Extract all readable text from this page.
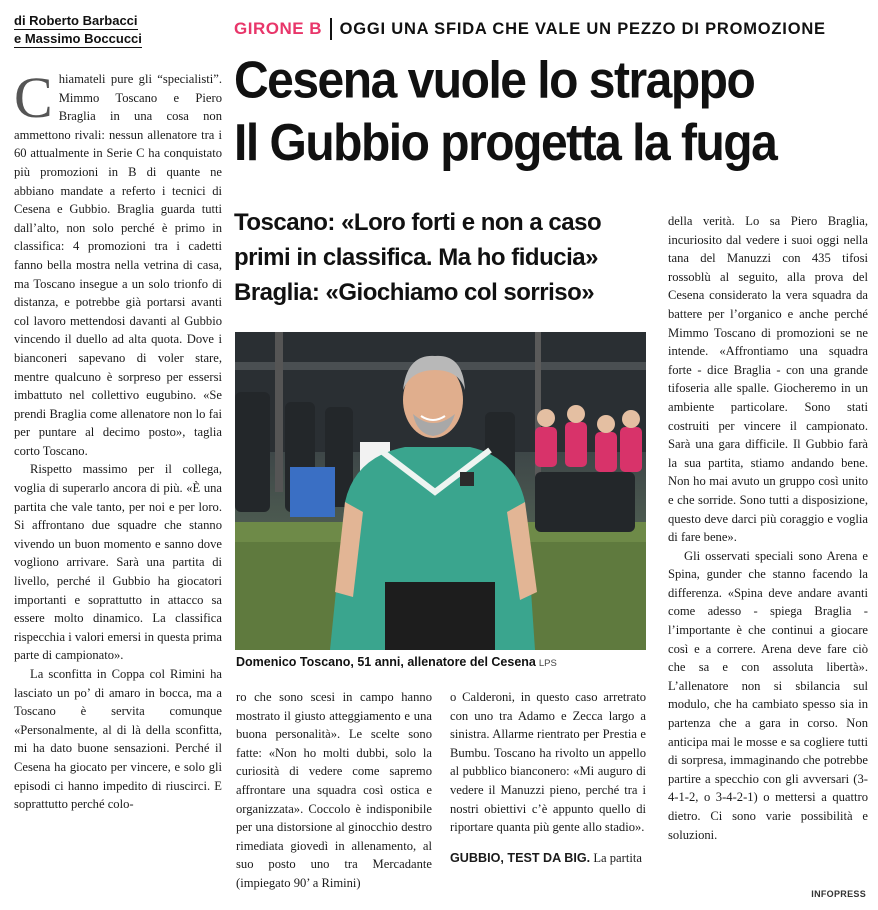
di Roberto Barbacci
e Massimo Boccucci
GIRONE B OGGI UNA SFIDA CHE VALE UN PEZZO DI PROMOZIONE
Cesena vuole lo strappo
Il Gubbio progetta la fuga
Toscano: «Loro forti e non a caso
primi in classifica. Ma ho fiducia»
Braglia: «Giochiamo col sorriso»

Chiamateli pure gli “specialisti”. Mimmo Toscano e Piero Braglia in una cosa non ammettono rivali: nessun allenatore tra i 60 attualmente in Serie C ha conquistato più promozioni in B di quante ne abbiano mandate a referto i tecnici di Cesena e Gubbio. Braglia guarda tutti dall’alto, non solo perché è primo in classifica: 4 promozioni tra i cadetti fanno bella mostra nella vetrina di casa, ma Toscano insegue a un solo trionfo di distanza, e potrebbe già portarsi avanti col lavoro mettendosi davanti al Gubbio vincendo il duello ad alta quota. Dove i bianconeri sapevano di voler stare, mentre qualcuno è sorpreso per essersi imbattuto nel collettivo eugubino. «Se prendi Braglia come allenatore non lo fai per puntare al decimo posto», taglia corto Toscano.

Rispetto massimo per il collega, voglia di superarlo ancora di più. «È una partita che vale tanto, per noi e per loro. Si affrontano due squadre che stanno vivendo un buon momento e sanno dove vogliono arrivare. Sarà una partita di livello, perché il Gubbio ha giocatori importanti e soprattutto in attacco sa essere molto dinamico. La classifica rispecchia i valori emersi in questa prima parte di campionato».

La sconfitta in Coppa col Rimini ha lasciato un po’ di amaro in bocca, ma a Toscano è servita comunque «Personalmente, al di là della sconfitta, mi ha dato buone sensazioni. Perché il Cesena ha giocato per vincere, e solo gli episodi ci hanno impedito di riuscirci. E soprattutto perché colo-

Domenico Toscano, 51 anni, allenatore del Cesena LPS

ro che sono scesi in campo hanno mostrato il giusto atteggiamento e una buona personalità». Le scelte sono fatte: «Non ho molti dubbi, solo la curiosità di vedere come sapremo affrontare una squadra così ostica e organizzata». Coccolo è indisponibile per una distorsione al ginocchio destro rimediata giovedì in allenamento, al suo posto uno tra Mercadante (impiegato 90’ a Rimini)

o Calderoni, in questo caso arretrato con uno tra Adamo e Zecca largo a sinistra. Allarme rientrato per Prestia e Bumbu. Toscano ha rivolto un appello al pubblico bianconero: «Mi auguro di vedere il Manuzzi pieno, perché tra i nostri obiettivi c’è appunto quello di riportare quanta più gente allo stadio».

GUBBIO, TEST DA BIG. La partita

della verità. Lo sa Piero Braglia, incuriosito dal vedere i suoi oggi nella tana del Manuzzi con 435 tifosi rossoblù al seguito, alla prova del Cesena considerato la vera squadra da battere per l’organico e anche perché Mimmo Toscano di promozioni se ne intende. «Affrontiamo una squadra forte - dice Braglia - con una grande tifoseria alle spalle. Giocheremo in un ambiente particolare. Sono stati costruiti per vincere il campionato. Sarà una gara difficile. Il Gubbio farà la sua partita, stiamo andando bene. Non ho mai avuto un gruppo così unito e che sorride. Sono tutti a disposizione, questo deve darci più coraggio e voglia di fare bene».

Gli osservati speciali sono Arena e Spina, gunder che stanno facendo la differenza. «Spina deve andare avanti come adesso - spiega Braglia - l’importante è che continui a giocare così e a correre. Arena deve fare ciò che sa e con assoluta libertà». L’allenatore non si sbilancia sul modulo, che ha cambiato spesso sia in partenza che a gara in corso. Non anticipa mai le mosse e sa cogliere tutti di sorpresa, immaginando che potrebbe partire a specchio con gli avversari (3-4-1-2, o 3-4-2-1) o mettersi a quattro dietro. Ci sono varie possibilità e soluzioni.

INFOPRESS
